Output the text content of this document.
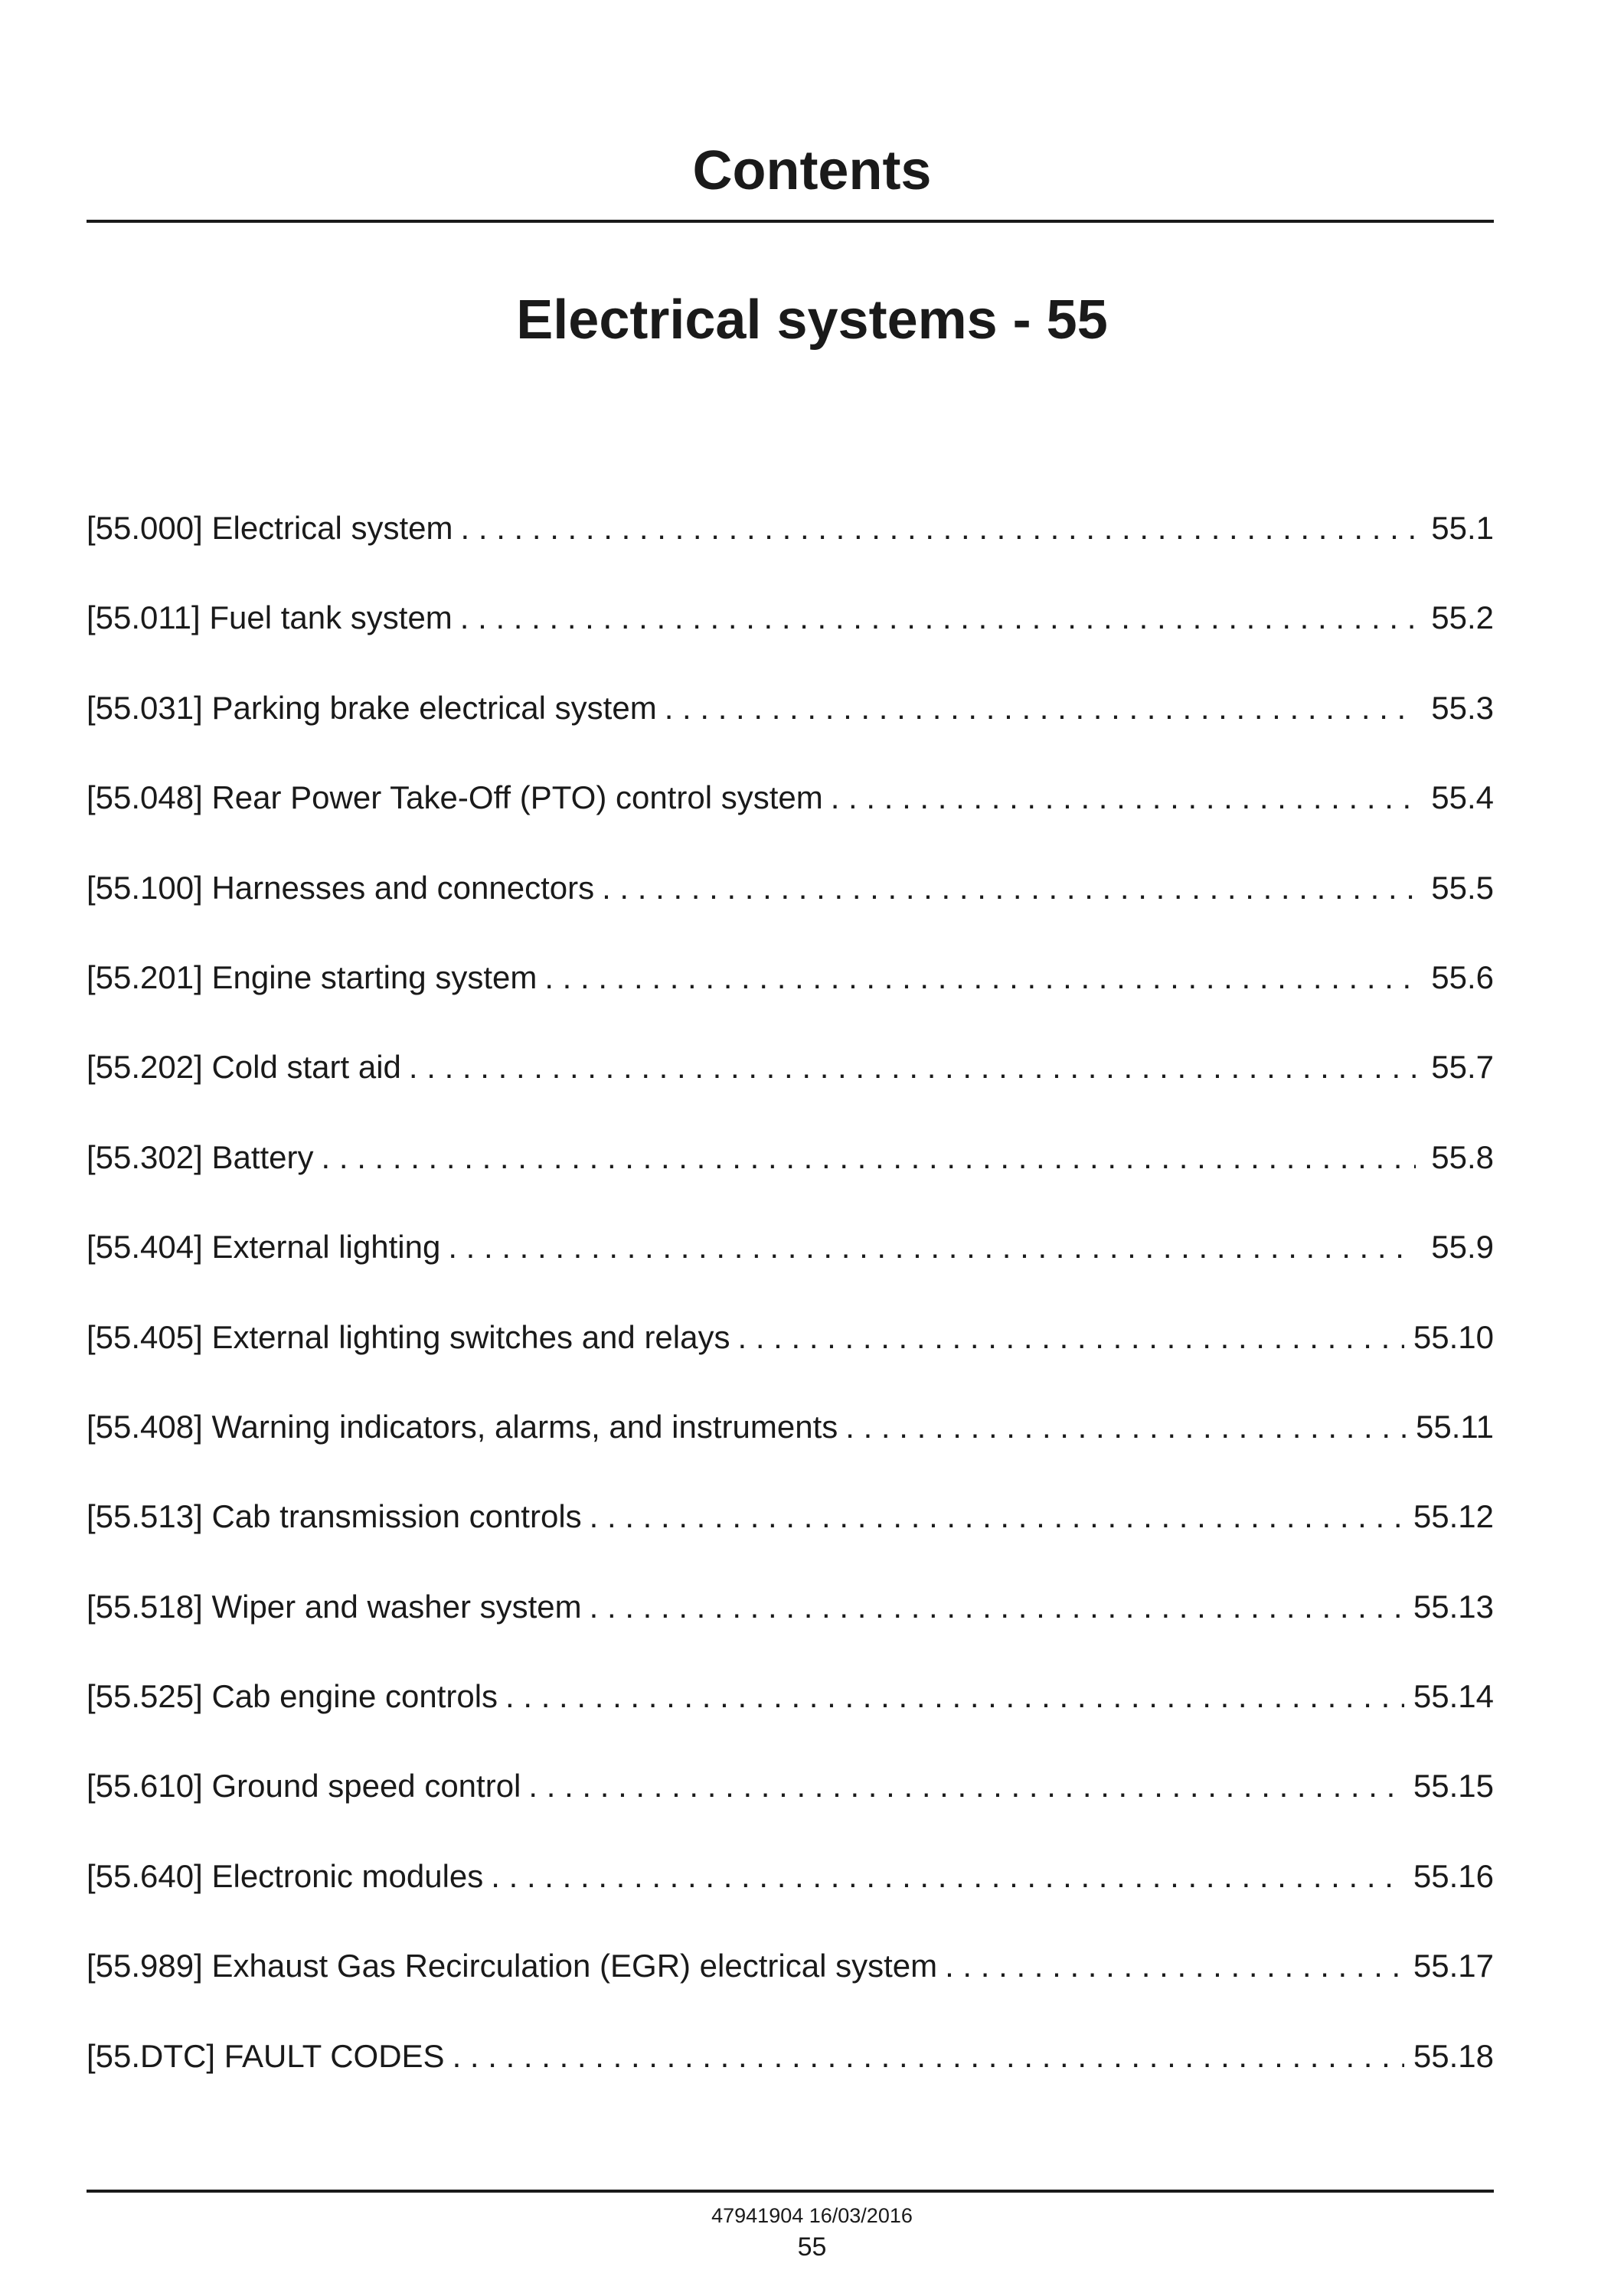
Contents
Electrical systems - 55
[55.000] Electrical system . . .	55.1
[55.011] Fuel tank system . . .	55.2
[55.031] Parking brake electrical system . . .	55.3
[55.048] Rear Power Take-Off (PTO) control system . . .	55.4
[55.100] Harnesses and connectors . . .	55.5
[55.201] Engine starting system . . .	55.6
[55.202] Cold start aid . . .	55.7
[55.302] Battery . . .	55.8
[55.404] External lighting . . .	55.9
[55.405] External lighting switches and relays . . .	55.10
[55.408] Warning indicators, alarms, and instruments . . .	55.11
[55.513] Cab transmission controls . . .	55.12
[55.518] Wiper and washer system . . .	55.13
[55.525] Cab engine controls . . .	55.14
[55.610] Ground speed control . . .	55.15
[55.640] Electronic modules . . .	55.16
[55.989] Exhaust Gas Recirculation (EGR) electrical system . . .	55.17
[55.DTC] FAULT CODES . . .	55.18
47941904 16/03/2016
55
